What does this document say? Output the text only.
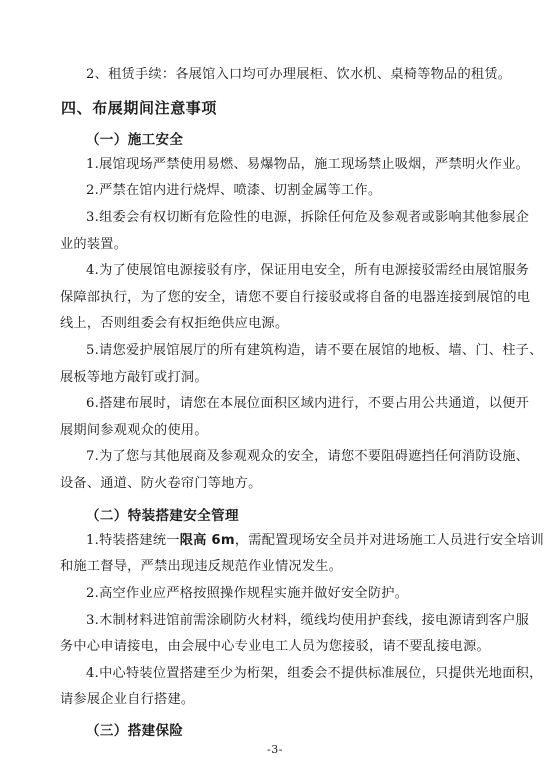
2、租赁手续：各展馆入口均可办理展柜、饮水机、桌椅等物品的租赁。
四、布展期间注意事项
（一）施工安全
1.展馆现场严禁使用易燃、易爆物品，施工现场禁止吸烟，严禁明火作业。
2.严禁在馆内进行烧焊、喷漆、切割金属等工作。
3.组委会有权切断有危险性的电源，拆除任何危及参观者或影响其他参展企
业的装置。
4.为了使展馆电源接驳有序，保证用电安全，所有电源接驳需经由展馆服务
保障部执行，为了您的安全，请您不要自行接驳或将自备的电器连接到展馆的电
线上，否则组委会有权拒绝供应电源。
5.请您爱护展馆展厅的所有建筑构造，请不要在展馆的地板、墙、门、柱子、
展板等地方敲钉或打洞。
6.搭建布展时，请您在本展位面积区域内进行，不要占用公共通道，以便开
展期间参观观众的使用。
7.为了您与其他展商及参观观众的安全，请您不要阻碍遮挡任何消防设施、
设备、通道、防火卷帘门等地方。
（二）特装搭建安全管理
1.特装搭建统一限高 6m，需配置现场安全员并对进场施工人员进行安全培训
和施工督导，严禁出现违反规范作业情况发生。
2.高空作业应严格按照操作规程实施并做好安全防护。
3.木制材料进馆前需涂刷防火材料，缆线均使用护套线，接电源请到客户服
务中心申请接电，由会展中心专业电工人员为您接驳，请不要乱接电源。
4.中心特装位置搭建至少为桁架，组委会不提供标准展位，只提供光地面积，
请参展企业自行搭建。
（三）搭建保险
-3-
